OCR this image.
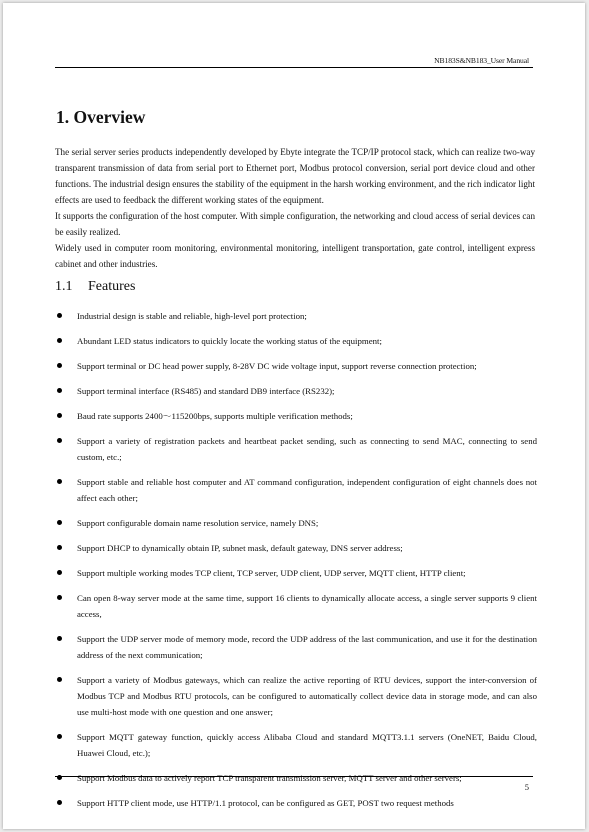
NB183S&NB183_User Manual
1. Overview

The serial server series products independently developed by Ebyte integrate the TCP/IP protocol stack, which can realize two-way transparent transmission of data from serial port to Ethernet port, Modbus protocol conversion, serial port device cloud and other functions. The industrial design ensures the stability of the equipment in the harsh working environment, and the rich indicator light effects are used to feedback the different working states of the equipment.

It supports the configuration of the host computer. With simple configuration, the networking and cloud access of serial devices can be easily realized.

Widely used in computer room monitoring, environmental monitoring, intelligent transportation, gate control, intelligent express cabinet and other industries.

1.1 Features
Industrial design is stable and reliable, high-level port protection;
Abundant LED status indicators to quickly locate the working status of the equipment;
Support terminal or DC head power supply, 8-28V DC wide voltage input, support reverse connection protection;
Support terminal interface (RS485) and standard DB9 interface (RS232);
Baud rate supports 2400～115200bps, supports multiple verification methods;
Support a variety of registration packets and heartbeat packet sending, such as connecting to send MAC, connecting to send custom, etc.;
Support stable and reliable host computer and AT command configuration, independent configuration of eight channels does not affect each other;
Support configurable domain name resolution service, namely DNS;
Support DHCP to dynamically obtain IP, subnet mask, default gateway, DNS server address;
Support multiple working modes TCP client, TCP server, UDP client, UDP server, MQTT client, HTTP client;
Can open 8-way server mode at the same time, support 16 clients to dynamically allocate access, a single server supports 9 client access,
Support the UDP server mode of memory mode, record the UDP address of the last communication, and use it for the destination address of the next communication;
Support a variety of Modbus gateways, which can realize the active reporting of RTU devices, support the inter-conversion of Modbus TCP and Modbus RTU protocols, can be configured to automatically collect device data in storage mode, and can also use multi-host mode with one question and one answer;
Support MQTT gateway function, quickly access Alibaba Cloud and standard MQTT3.1.1 servers (OneNET, Baidu Cloud, Huawei Cloud, etc.);
Support Modbus data to actively report TCP transparent transmission server, MQTT server and other servers;
Support HTTP client mode, use HTTP/1.1 protocol, can be configured as GET, POST two request methods
5
